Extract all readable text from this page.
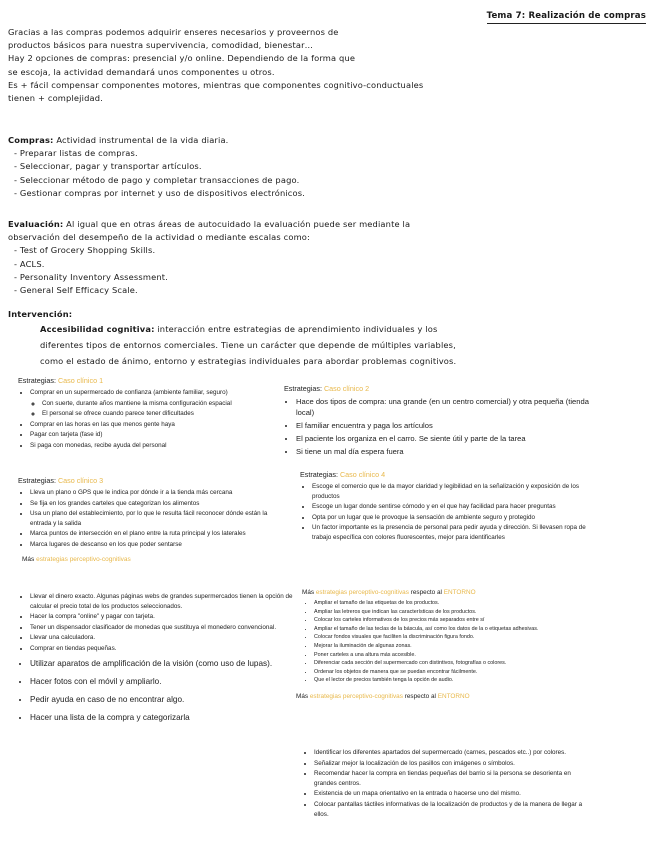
Tema 7: Realización de compras
Gracias a las compras podemos adquirir enseres necesarios y proveernos de
productos básicos para nuestra supervivencia, comodidad, bienestar…
Hay 2 opciones de compras: presencial y/o online. Dependiendo de la forma que
se escoja, la actividad demandará unos componentes u otros.
Es + fácil compensar componentes motores, mientras que componentes cognitivo-conductuales
tienen + complejidad.
Compras: Actividad instrumental de la vida diaria.
- Preparar listas de compras.
- Seleccionar, pagar y transportar artículos.
- Seleccionar método de pago y completar transacciones de pago.
- Gestionar compras por internet y uso de dispositivos electrónicos.
Evaluación: Al igual que en otras áreas de autocuidado la evaluación puede ser mediante la
observación del desempeño de la actividad o mediante escalas como:
- Test of Grocery Shopping Skills.
- ACLS.
- Personality Inventory Assessment.
- General Self Efficacy Scale.
Intervención:
Accesibilidad cognitiva: interacción entre estrategias de aprendimiento individuales y los
diferentes tipos de entornos comerciales. Tiene un carácter que depende de múltiples variables,
como el estado de ánimo, entorno y estrategias individuales para abordar problemas cognitivos.
Estrategias: Caso clínico 1
• Comprar en un supermercado de confianza (ambiente familiar, seguro)
◦ Con suerte, durante años mantiene la misma configuración espacial
◦ El personal se ofrece cuando parece tener dificultades
• Comprar en las horas en las que menos gente haya
• Pagar con tarjeta (fase id)
• Si paga con monedas, recibe ayuda del personal
Estrategias: Caso clínico 2
• Hace dos tipos de compra: una grande (en un centro comercial) y otra pequeña (tienda local)
• El familiar encuentra y paga los artículos
• El paciente los organiza en el carro. Se siente útil y parte de la tarea
• Si tiene un mal día espera fuera
Estrategias: Caso clínico 3
• Lleva un plano o GPS que le indica por dónde ir a la tienda más cercana
• Se fija en los grandes carteles que categorizan los alimentos
• Usa un plano del establecimiento, por lo que le resulta fácil reconocer dónde están la entrada y la salida
• Marca puntos de intersección en el plano entre la ruta principal y los laterales
• Marca lugares de descanso en los que poder sentarse
Más estrategias perceptivo-cognitivas
Estrategias: Caso clínico 4
• Escoge el comercio que le da mayor claridad y legibilidad en la señalización y exposición de los productos
• Escoge un lugar donde sentirse cómodo y en el que hay facilidad para hacer preguntas
• Opta por un lugar que le provoque la sensación de ambiente seguro y protegido
• Un factor importante es la presencia de personal para pedir ayuda y dirección. Si llevasen ropa de trabajo específica con colores fluorescentes, mejor para identificarles
• Llevar el dinero exacto. Algunas páginas webs de grandes supermercados tienen la opción de calcular el precio total de los productos seleccionados.
• Hacer la compra "online" y pagar con tarjeta.
• Tener un dispensador clasificador de monedas que sustituya el monedero convencional.
• Llevar una calculadora.
• Comprar en tiendas pequeñas.
• Utilizar aparatos de amplificación de la visión (como uso de lupas).
• Hacer fotos con el móvil y ampliarlo.
• Pedir ayuda en caso de no encontrar algo.
• Hacer una lista de la compra y categorizarla
Más estrategias perceptivo-cognitivas respecto al ENTORNO
• Ampliar el tamaño de las etiquetas de los productos.
• Ampliar las letreros que indican las características de los productos.
• Colocar los carteles informativos de los precios más separados entre sí
• Ampliar el tamaño de las teclas de la báscula, así como los datos de la o etiquetas adhesivas.
• Colocar fondos visuales que faciliten la discriminación figura fondo.
• Mejorar la iluminación de algunas zonas.
• Poner carteles a una altura más accesible.
• Diferenciar cada sección del supermercado con distintivos, fotografías o colores.
• Ordenar los objetos de manera que se puedan encontrar fácilmente.
• Que el lector de precios también tenga la opción de audio.
Más estrategias perceptivo-cognitivas respecto al ENTORNO
• Identificar los diferentes apartados del supermercado (carnes, pescados etc..) por colores.
• Señalizar mejor la localización de los pasillos con imágenes o símbolos.
• Recomendar hacer la compra en tiendas pequeñas del barrio si la persona se desorienta en grandes centros.
• Existencia de un mapa orientativo en la entrada o hacerse uno del mismo.
• Colocar pantallas táctiles informativas de la localización de productos y de la manera de llegar a ellos.
